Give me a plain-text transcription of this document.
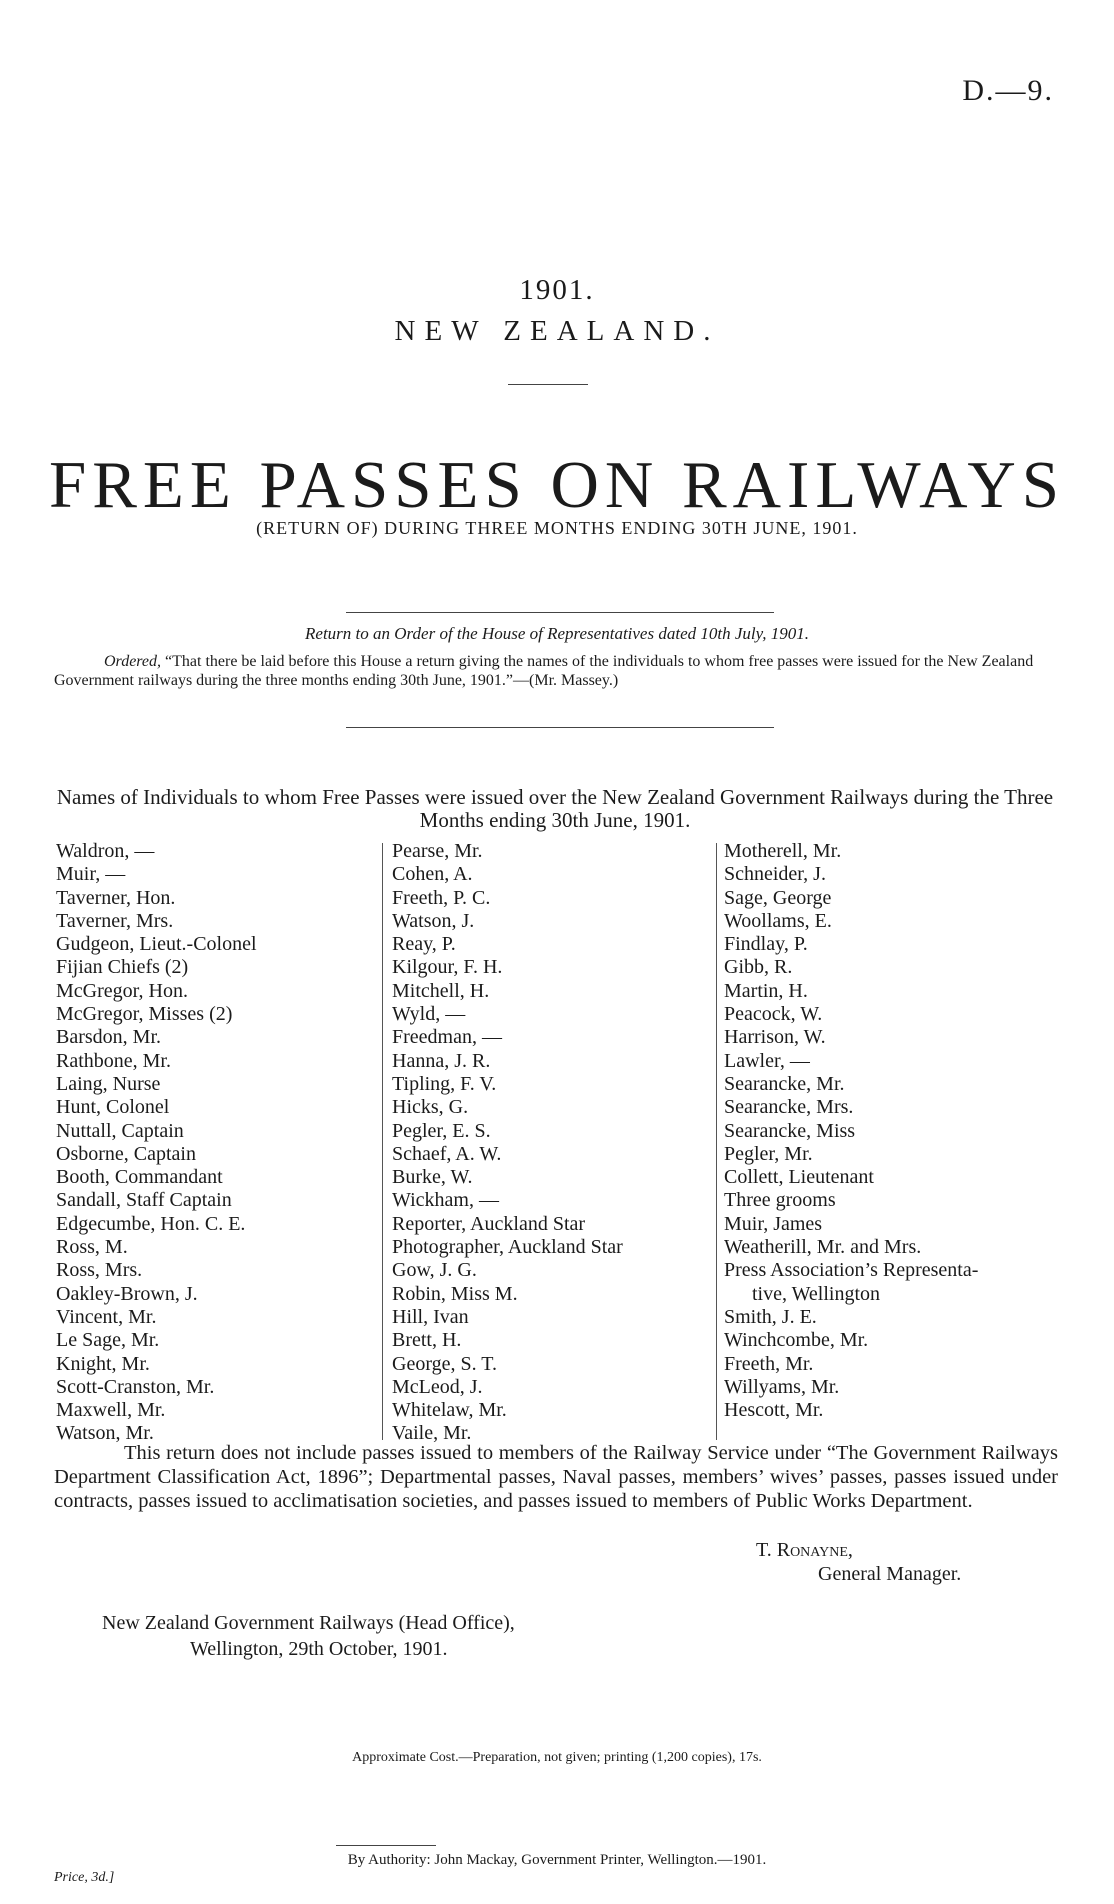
D.—9.
1901.
NEW ZEALAND.
FREE PASSES ON RAILWAYS
(RETURN OF) DURING THREE MONTHS ENDING 30TH JUNE, 1901.
Return to an Order of the House of Representatives dated 10th July, 1901.
Ordered, “That there be laid before this House a return giving the names of the individuals to whom free passes were issued for the New Zealand Government railways during the three months ending 30th June, 1901.”—(Mr. Massey.)
Names of Individuals to whom Free Passes were issued over the New Zealand Government Railways during the Three Months ending 30th June, 1901.
Waldron, —
Muir, —
Taverner, Hon.
Taverner, Mrs.
Gudgeon, Lieut.-Colonel
Fijian Chiefs (2)
McGregor, Hon.
McGregor, Misses (2)
Barsdon, Mr.
Rathbone, Mr.
Laing, Nurse
Hunt, Colonel
Nuttall, Captain
Osborne, Captain
Booth, Commandant
Sandall, Staff Captain
Edgecumbe, Hon. C. E.
Ross, M.
Ross, Mrs.
Oakley-Brown, J.
Vincent, Mr.
Le Sage, Mr.
Knight, Mr.
Scott-Cranston, Mr.
Maxwell, Mr.
Watson, Mr.
Pearse, Mr.
Cohen, A.
Freeth, P. C.
Watson, J.
Reay, P.
Kilgour, F. H.
Mitchell, H.
Wyld, —
Freedman, —
Hanna, J. R.
Tipling, F. V.
Hicks, G.
Pegler, E. S.
Schaef, A. W.
Burke, W.
Wickham, —
Reporter, Auckland Star
Photographer, Auckland Star
Gow, J. G.
Robin, Miss M.
Hill, Ivan
Brett, H.
George, S. T.
McLeod, J.
Whitelaw, Mr.
Vaile, Mr.
Motherell, Mr.
Schneider, J.
Sage, George
Woollams, E.
Findlay, P.
Gibb, R.
Martin, H.
Peacock, W.
Harrison, W.
Lawler, —
Searancke, Mr.
Searancke, Mrs.
Searancke, Miss
Pegler, Mr.
Collett, Lieutenant
Three grooms
Muir, James
Weatherill, Mr. and Mrs.
Press Association’s Representa-
tive, Wellington
Smith, J. E.
Winchcombe, Mr.
Freeth, Mr.
Willyams, Mr.
Hescott, Mr.
This return does not include passes issued to members of the Railway Service under “The Government Railways Department Classification Act, 1896”; Departmental passes, Naval passes, members’ wives’ passes, passes issued under contracts, passes issued to acclimatisation societies, and passes issued to members of Public Works Department.
T. Ronayne,
General Manager.
New Zealand Government Railways (Head Office),
Wellington, 29th October, 1901.
Approximate Cost.—Preparation, not given; printing (1,200 copies), 17s.
By Authority: John Mackay, Government Printer, Wellington.—1901.
Price, 3d.]
